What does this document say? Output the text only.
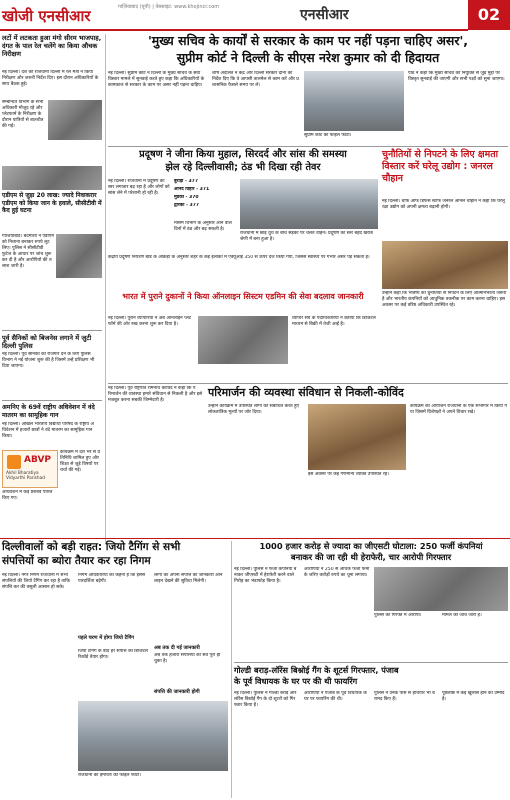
खोजी एनसीआर	गाज़ियाबाद (यूपी) | वेबसाइट: www.khojincr.com	एनसीआर	02
लटों में लटकता हुआ मंगो सीरम भाजपाह, दंगत के पाल रेल चलेंगे का किया औचक निरीक्षण
नई दिल्ली। देश की राजधानी दिल्ली में रेल मंत्री ने किया निरीक्षण और जरूरी निर्देश दिए। इस दौरान अधिकारियों के साथ बैठक हुई।
सम्बन्धित विभाग के सभी अधिकारी मौजूद रहे और प्लेटफार्म के निरीक्षण के दौरान यात्रियों से बातचीत की गई।
एडीएम से जुड़ा 20 लाख: ज्यादे निवाकरार एडीएम को किया जान के हवाले, सीसीटीवी में कैद हुई घटना
गाजियाबाद। बदमाशों ने एडीएम को निशाना बनाकर रुपये लूट लिए। पुलिस ने सीसीटीवी फुटेज के आधार पर जांच शुरू कर दी है और आरोपियों की तलाश जारी है।
पूर्व सैनिकों को बिजनेस लगाने में जुटी दिल्ली पुलिस
नई दिल्ली। पूर्व सैनिकों को रोजगार देने के लिए पुलिस विभाग ने नई योजना शुरू की है जिसमें उन्हें प्रशिक्षण भी दिया जाएगा।
अमनिए के 69वें राष्ट्रीय अधिवेशन में वंदे मातरम का सामूहिक गान
नई दिल्ली। अखिल भारतीय विद्यार्थी परिषद के राष्ट्रीय अधिवेशन में हजारों छात्रों ने वंदे मातरम का सामूहिक गान किया।
ABVP
Akhil Bharatiya Vidyarthi Parishad
कार्यक्रम में देश भर से प्रतिनिधि शामिल हुए और शिक्षा से जुड़े विषयों पर चर्चा की गई।
अधिवेशन में कई प्रस्ताव पारित किए गए।
'मुख्य सचिव के कार्यों से सरकार के काम पर नहीं पड़ना चाहिए असर',
सुप्रीम कोर्ट ने दिल्ली के सीएस नरेश कुमार को दी हिदायत
नई दिल्ली। सुप्रीम कोर्ट ने दिल्ली के मुख्य सचिव के सेवा विस्तार मामले में सुनवाई करते हुए कहा कि अधिकारियों के कामकाज से सरकार के काम पर असर नहीं पड़ना चाहिए।
शीर्ष अदालत ने केंद्र और दिल्ली सरकार दोनों को निर्देश दिए कि वे आपसी तालमेल से काम करें और प्रशासनिक फैसले समय पर लें।
सुप्रीम कोर्ट की फाइल फोटो।
पीठ ने कहा कि मुख्य सचिव की नियुक्ति से जुड़े मुद्दों पर विस्तृत सुनवाई की जाएगी और सभी पक्षों को सुना जाएगा।
प्रदूषण ने जीना किया मुहाल, सिरदर्द और सांस की समस्या
झेल रहे दिल्लीवासी; ठंड भी दिखा रही तेवर
नई दिल्ली। राजधानी में प्रदूषण का स्तर लगातार बढ़ रहा है और लोगों को सांस लेने में परेशानी हो रही है।
बुराड़ी - 377
आनंद विहार - 371
मुंडका - 370
द्वारका - 377
मौसम विभाग के अनुसार आने वाले दिनों में ठंड और बढ़ सकती है।
राजधानी में छाई धुंध के बीच सड़कों पर चलते वाहन। प्रदूषण का स्तर बेहद खराब श्रेणी में बना हुआ है।
केंद्रीय प्रदूषण नियंत्रण बोर्ड के आंकड़ों के अनुसार शहर के कई इलाकों में एक्यूआई 350 से ऊपर दर्ज किया गया, जिससे स्वास्थ्य पर गंभीर असर पड़ सकता है।
चुनौतियों से निपटने के लिए क्षमता विस्तार करें घरेलू उद्योग : जनरल चौहान
नई दिल्ली। चीफ ऑफ डिफेंस स्टाफ जनरल अनिल चौहान ने कहा कि घरेलू रक्षा उद्योग को अपनी क्षमता बढ़ानी होगी।
उन्होंने कहा कि भविष्य की चुनौतियों से निपटने के लिए आत्मनिर्भरता जरूरी है और भारतीय कंपनियों को आधुनिक तकनीक पर काम करना चाहिए। इस अवसर पर कई वरिष्ठ अधिकारी उपस्थित रहे।
भारत में पुराने दुकानों ने किया ऑनलाइन सिस्टम एडमिन की सेवा बदलाव जानकारी
नई दिल्ली। पुराने व्यापारियों ने अब ऑनलाइन प्लेटफॉर्म की ओर रुख करना शुरू कर दिया है।
व्यापार संघ के पदाधिकारियों ने बताया कि डिजिटल माध्यम से बिक्री में तेजी आई है।
परिमार्जन की व्यवस्था संविधान से निकली-कोविंद
नई दिल्ली। पूर्व राष्ट्रपति रामनाथ कोविंद ने कहा कि परिमार्जन की व्यवस्था हमारे संविधान से निकली है और इसे मजबूत करना सबकी जिम्मेदारी है।
उन्होंने कार्यक्रम में उपस्थित लोगों को संबोधित करते हुए लोकतांत्रिक मूल्यों पर जोर दिया।
इस अवसर पर कई गणमान्य व्यक्ति उपस्थित रहे।
कार्यक्रम का आयोजन राजधानी के एक सभागार में किया गया जिसमें विशेषज्ञों ने अपने विचार रखे।
दिल्लीवालों को बड़ी राहत: जियो टैगिंग से सभी
संपत्तियों का ब्योरा तैयार कर रहा निगम
नई दिल्ली। नगर निगम राजधानी में सभी संपत्तियों की जियो टैगिंग कर रहा है ताकि संपत्ति कर की वसूली आसान हो सके।
निगम अधिकारियों का कहना है कि इससे पारदर्शिता बढ़ेगी।
पहले चरण में होगा जियो टैगिंग
जियो टैगिंग के बाद हर संपत्ति का डिजिटल रिकॉर्ड तैयार होगा।
लोगों को अपनी संपत्ति की जानकारी ऑनलाइन देखने की सुविधा मिलेगी।
अब तक दी गई जानकारी
अब तक हजारों संपत्तियों का सर्वे पूरा हो चुका है।
संपत्ति की जानकारी होगी
राजधानी की इमारतों की फाइल फोटो।
1000 हजार करोड़ से ज्यादा का जीएसटी घोटाला: 250 फर्जी कंपनियां
बनाकर की जा रही थी हेराफेरी, चार आरोपी गिरफ्तार
नई दिल्ली। पुलिस ने फर्जी कंपनियां बनाकर जीएसटी में हेराफेरी करने वाले गिरोह का भंडाफोड़ किया है।
आरोपियों ने 250 से अधिक फर्जी फर्मों के जरिए करोड़ों रुपये का चूना लगाया।
पुलिस की गिरफ्त में आरोपी।	मामले की जांच जारी है।
गोल्डी बराड़-लॉरेंस बिश्नोई गैंग के शूटर्स गिरफ्तार, पंजाब
के पूर्व विधायक के घर पर की थी फायरिंग
नई दिल्ली। पुलिस ने गोल्डी बराड़ और लॉरेंस बिश्नोई गैंग के दो शूटरों को गिरफ्तार किया है।
आरोपियों ने पंजाब के पूर्व विधायक के घर पर फायरिंग की थी।
पुलिस ने उनके पास से हथियार भी बरामद किए हैं।
पूछताछ में कई खुलासे होने की उम्मीद है।
